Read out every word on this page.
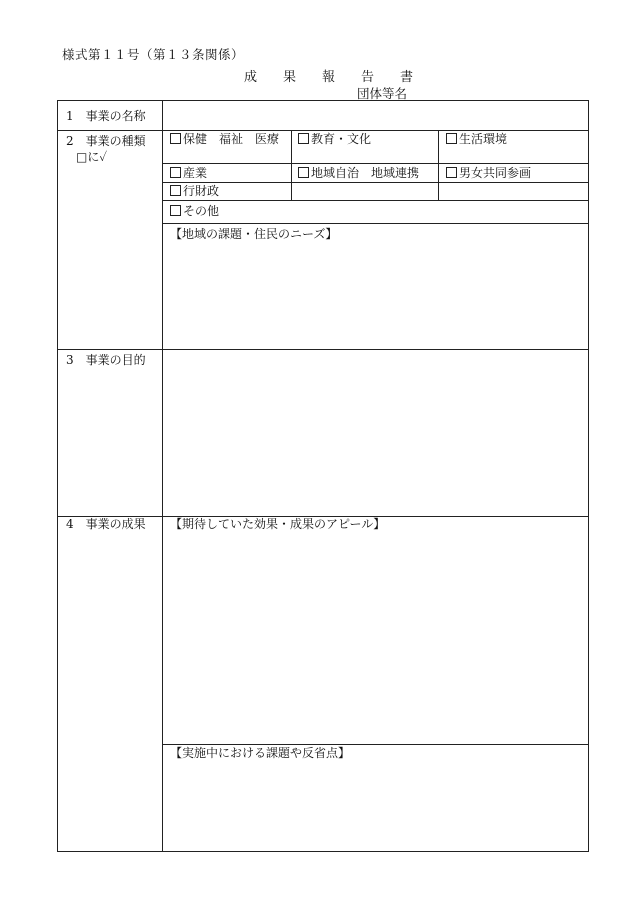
様式第１１号（第１３条関係）
成果報告書
団体等名
1　事業の名称
2　事業の種類
□に✓
保健　福祉　医療	教育・文化	生活環境
産業	地域自治　地域連携	男女共同参画
行財政
その他
【地域の課題・住民のニーズ】
3　事業の目的
4　事業の成果 【期待していた効果・成果のアピール】
【実施中における課題や反省点】
